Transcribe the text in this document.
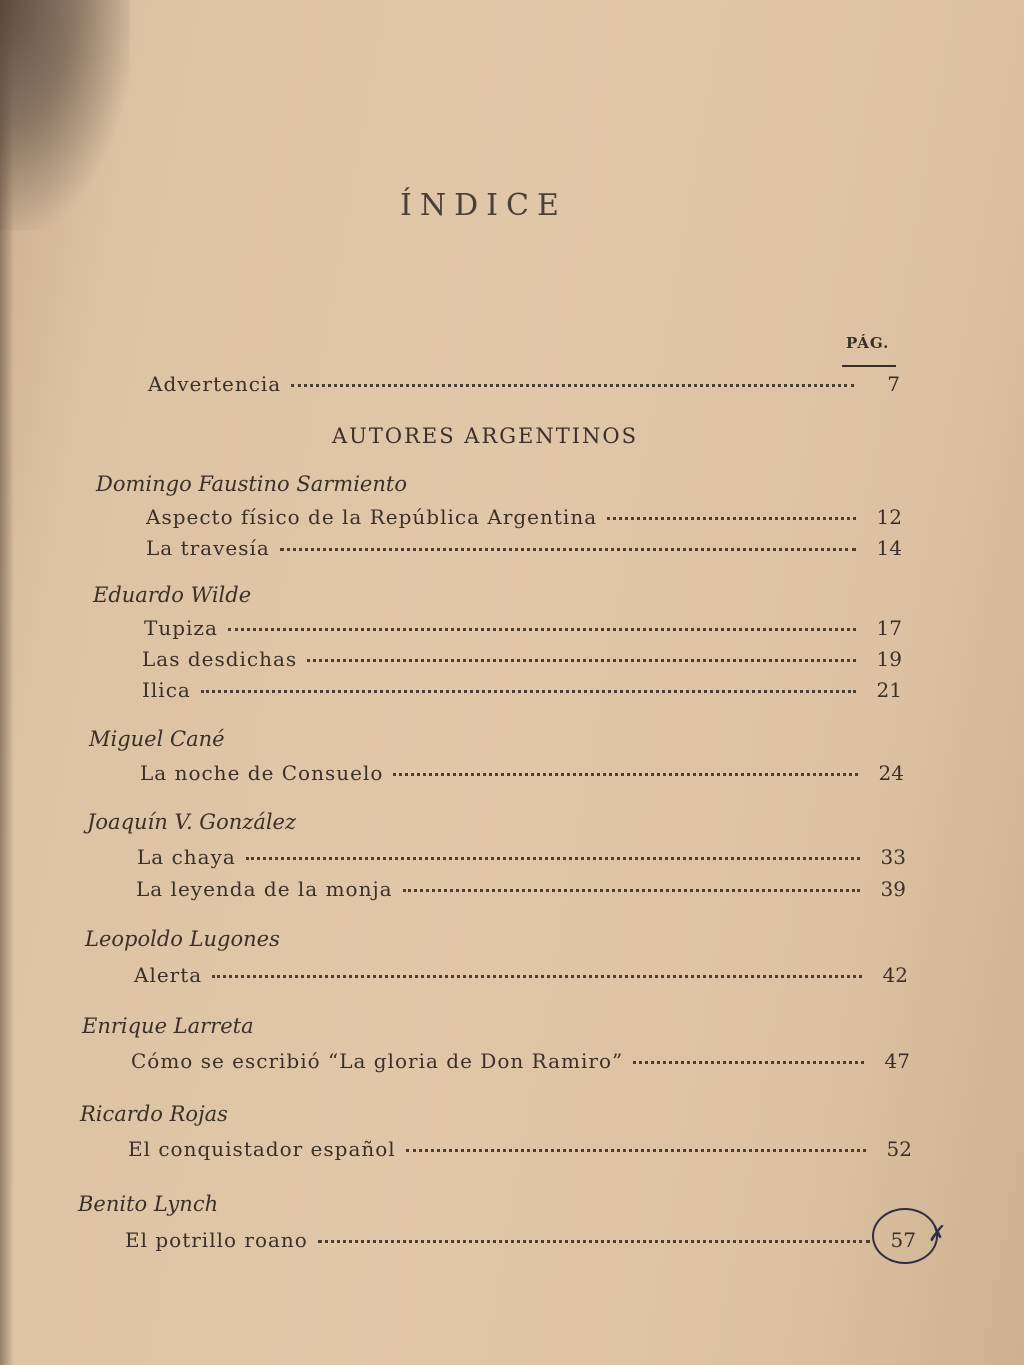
ÍNDICE
PÁG.
Advertencia	7
AUTORES ARGENTINOS
Domingo Faustino Sarmiento
Aspecto físico de la República Argentina	12
La travesía	14
Eduardo Wilde
Tupiza	17
Las desdichas	19
Ilica	21
Miguel Cané
La noche de Consuelo	24
Joaquín V. González
La chaya	33
La leyenda de la monja	39
Leopoldo Lugones
Alerta	42
Enrique Larreta
Cómo se escribió “La gloria de Don Ramiro”	47
Ricardo Rojas
El conquistador español	52
Benito Lynch
El potrillo roano	57 ✗
